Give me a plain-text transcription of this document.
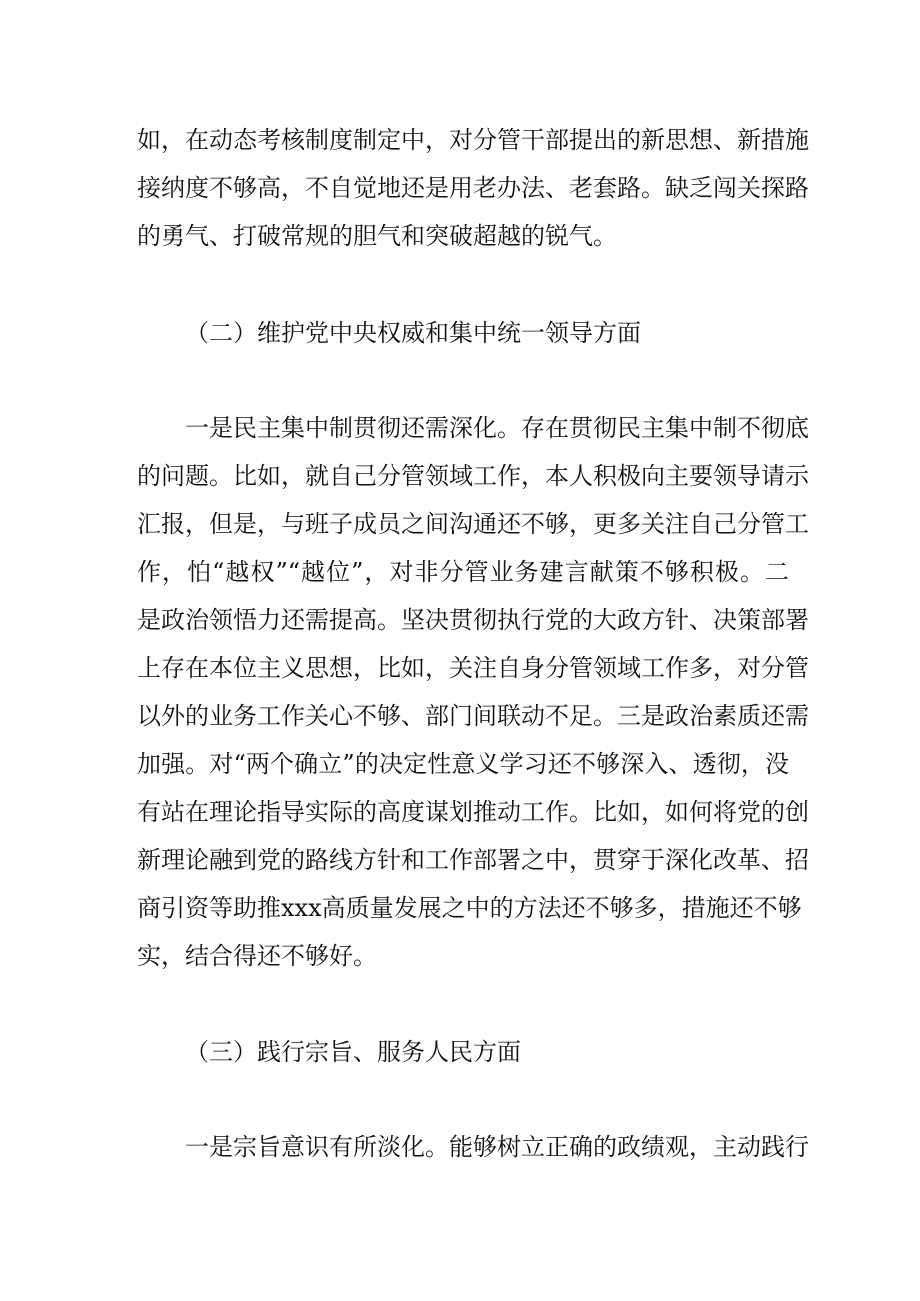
如，在动态考核制度制定中，对分管干部提出的新思想、新措施
接纳度不够高，不自觉地还是用老办法、老套路。缺乏闯关探路
的勇气、打破常规的胆气和突破超越的锐气。
（二）维护党中央权威和集中统一领导方面
一是民主集中制贯彻还需深化。存在贯彻民主集中制不彻底
的问题。比如，就自己分管领域工作，本人积极向主要领导请示
汇报，但是，与班子成员之间沟通还不够，更多关注自己分管工
作，怕“越权”“越位”，对非分管业务建言献策不够积极。二
是政治领悟力还需提高。坚决贯彻执行党的大政方针、决策部署
上存在本位主义思想，比如，关注自身分管领域工作多，对分管
以外的业务工作关心不够、部门间联动不足。三是政治素质还需
加强。对“两个确立”的决定性意义学习还不够深入、透彻，没
有站在理论指导实际的高度谋划推动工作。比如，如何将党的创
新理论融到党的路线方针和工作部署之中，贯穿于深化改革、招
商引资等助推xxx高质量发展之中的方法还不够多，措施还不够
实，结合得还不够好。
（三）践行宗旨、服务人民方面
一是宗旨意识有所淡化。能够树立正确的政绩观，主动践行
